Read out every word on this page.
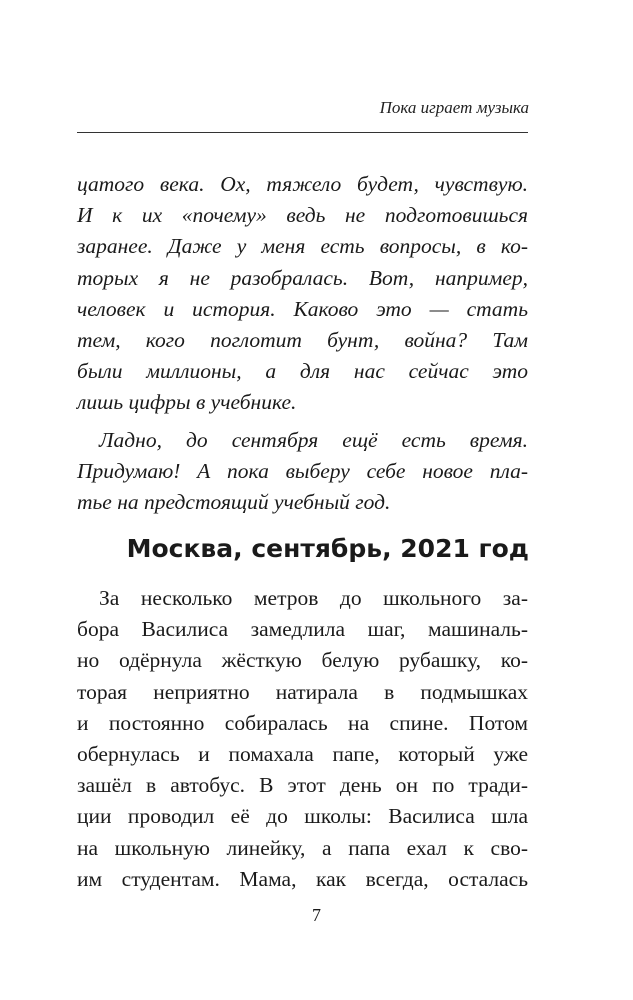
Пока играет музыка

цатого века. Ох, тяжело будет, чувствую.
И к их «почему» ведь не подготовишься
заранее. Даже у меня есть вопросы, в ко-
торых я не разобралась. Вот, например,
человек и история. Каково это — стать
тем, кого поглотит бунт, война? Там
были миллионы, а для нас сейчас это
лишь цифры в учебнике.

Ладно, до сентября ещё есть время.
Придумаю! А пока выберу себе новое пла-
тье на предстоящий учебный год.

Москва, сентябрь, 2021 год

За несколько метров до школьного за-
бора Василиса замедлила шаг, машиналь-
но одёрнула жёсткую белую рубашку, ко-
торая неприятно натирала в подмышках
и постоянно собиралась на спине. Потом
обернулась и помахала папе, который уже
зашёл в автобус. В этот день он по тради-
ции проводил её до школы: Василиса шла
на школьную линейку, а папа ехал к сво-
им студентам. Мама, как всегда, осталась

7
